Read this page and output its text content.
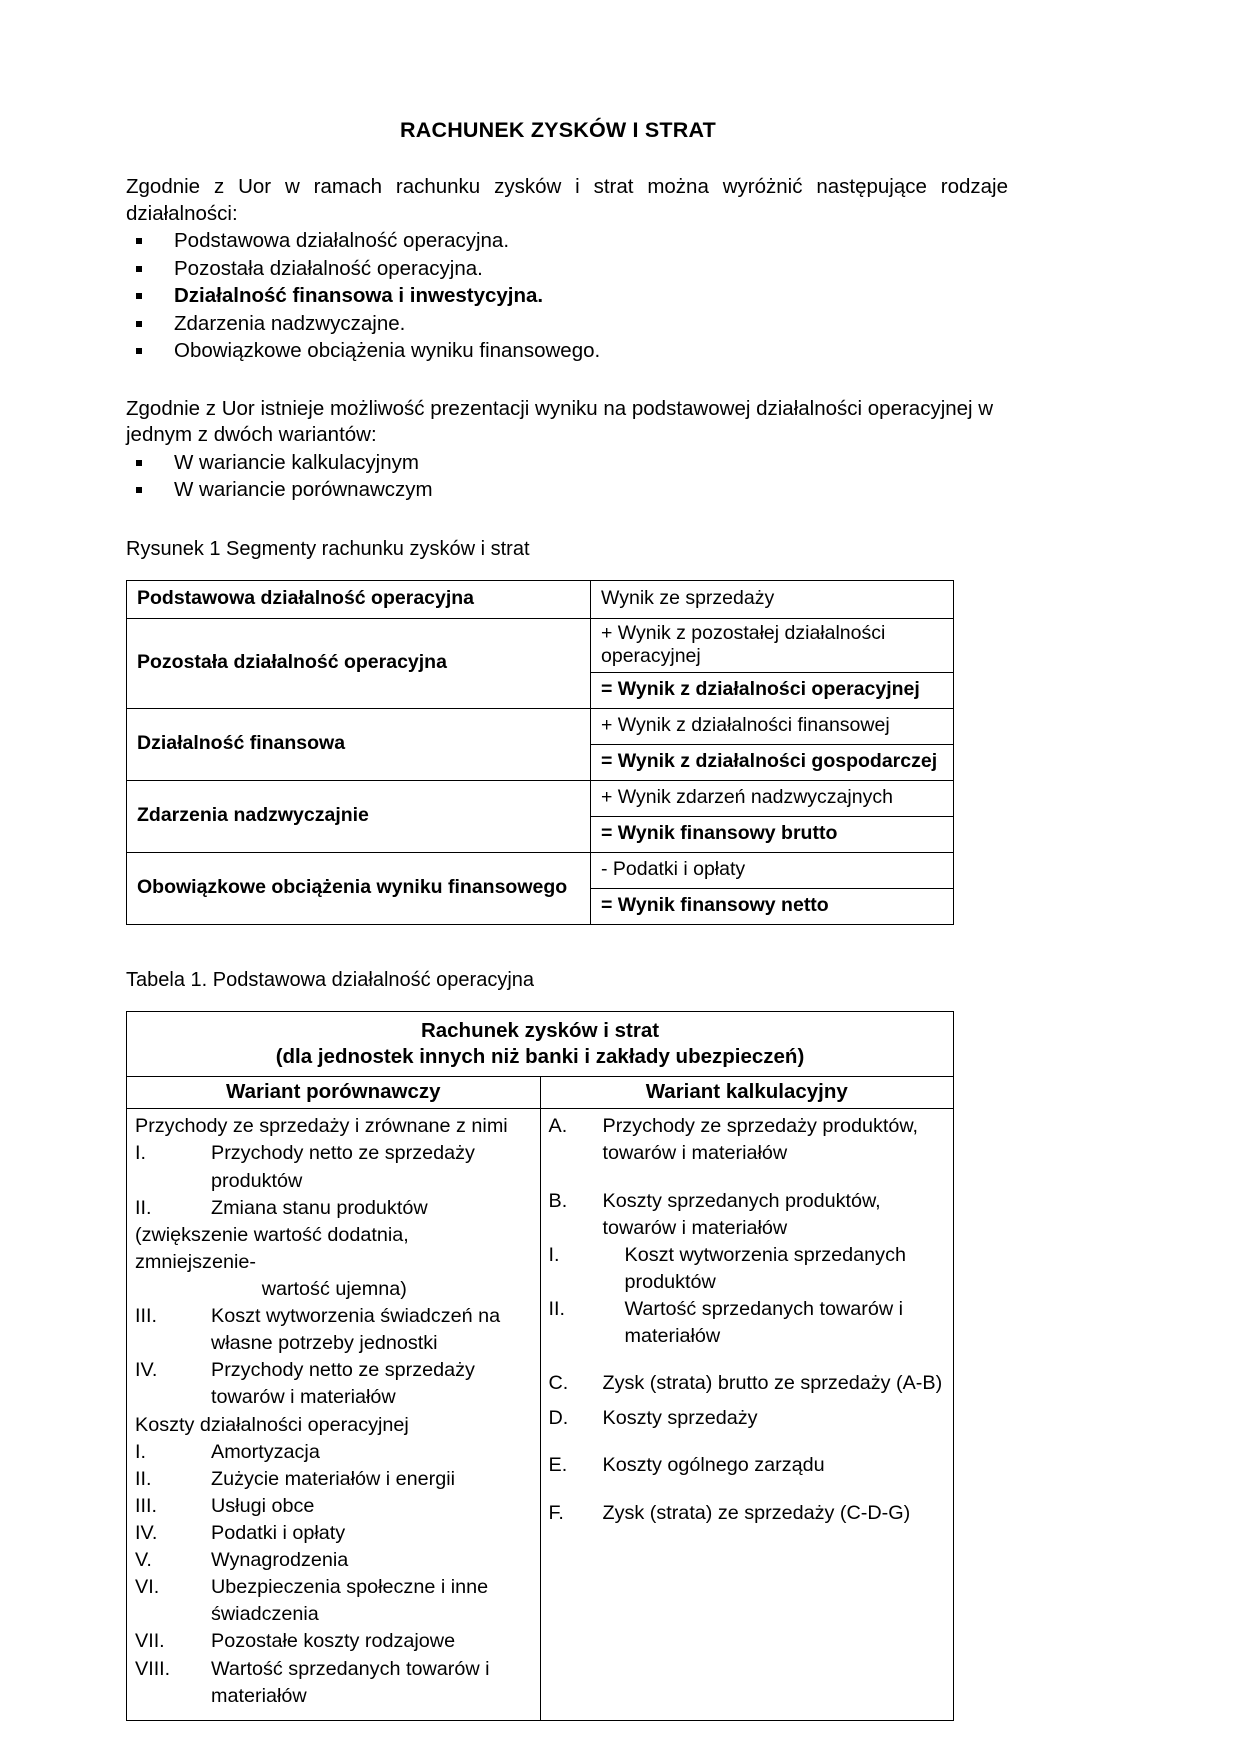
RACHUNEK ZYSKÓW I STRAT

Zgodnie z Uor w ramach rachunku zysków i strat można wyróżnić następujące rodzaje działalności:

Podstawowa działalność operacyjna.
Pozostała działalność operacyjna.
Działalność finansowa i inwestycyjna.
Zdarzenia nadzwyczajne.
Obowiązkowe obciążenia wyniku finansowego.

Zgodnie z Uor istnieje możliwość prezentacji wyniku na podstawowej działalności operacyjnej w jednym z dwóch wariantów:

W wariancie kalkulacyjnym
W wariancie porównawczym

Rysunek 1 Segmenty rachunku zysków i strat

Podstawowa działalność operacyjna	Wynik ze sprzedaży
Pozostała działalność operacyjna	+ Wynik z pozostałej działalności operacyjnej
	= Wynik z działalności operacyjnej
Działalność finansowa	+ Wynik z działalności finansowej
	= Wynik z działalności gospodarczej
Zdarzenia nadzwyczajnie	+ Wynik zdarzeń nadzwyczajnych
	= Wynik finansowy brutto
Obowiązkowe obciążenia wyniku finansowego	- Podatki i opłaty
	= Wynik finansowy netto

Tabela 1. Podstawowa działalność operacyjna

Rachunek zysków i strat
(dla jednostek innych niż banki i zakłady ubezpieczeń)	

Wariant porównawczy	Wariant kalkulacyjny

Przychody ze sprzedaży i zrównane z nimi
I.	Przychody netto ze sprzedaży produktów
II.	Zmiana stanu produktów
(zwiększenie wartość dodatnia, zmniejszenie-
wartość ujemna)
III.	Koszt wytworzenia świadczeń na własne potrzeby jednostki
IV.	Przychody netto ze sprzedaży towarów i materiałów
Koszty działalności operacyjnej
I.	Amortyzacja
II.	Zużycie materiałów i energii
III.	Usługi obce
IV.	Podatki i opłaty
V.	Wynagrodzenia
VI.	Ubezpieczenia społeczne i inne świadczenia
VII. Pozostałe koszty rodzajowe
VIII. Wartość sprzedanych towarów i materiałów

A. Przychody ze sprzedaży produktów, towarów i materiałów
B. Koszty sprzedanych produktów, towarów i materiałów
I.	Koszt wytworzenia sprzedanych produktów
II.	Wartość sprzedanych towarów i materiałów
C. Zysk (strata) brutto ze sprzedaży (A-B)
D. Koszty sprzedaży
E. Koszty ogólnego zarządu
F. Zysk (strata) ze sprzedaży (C-D-G)
